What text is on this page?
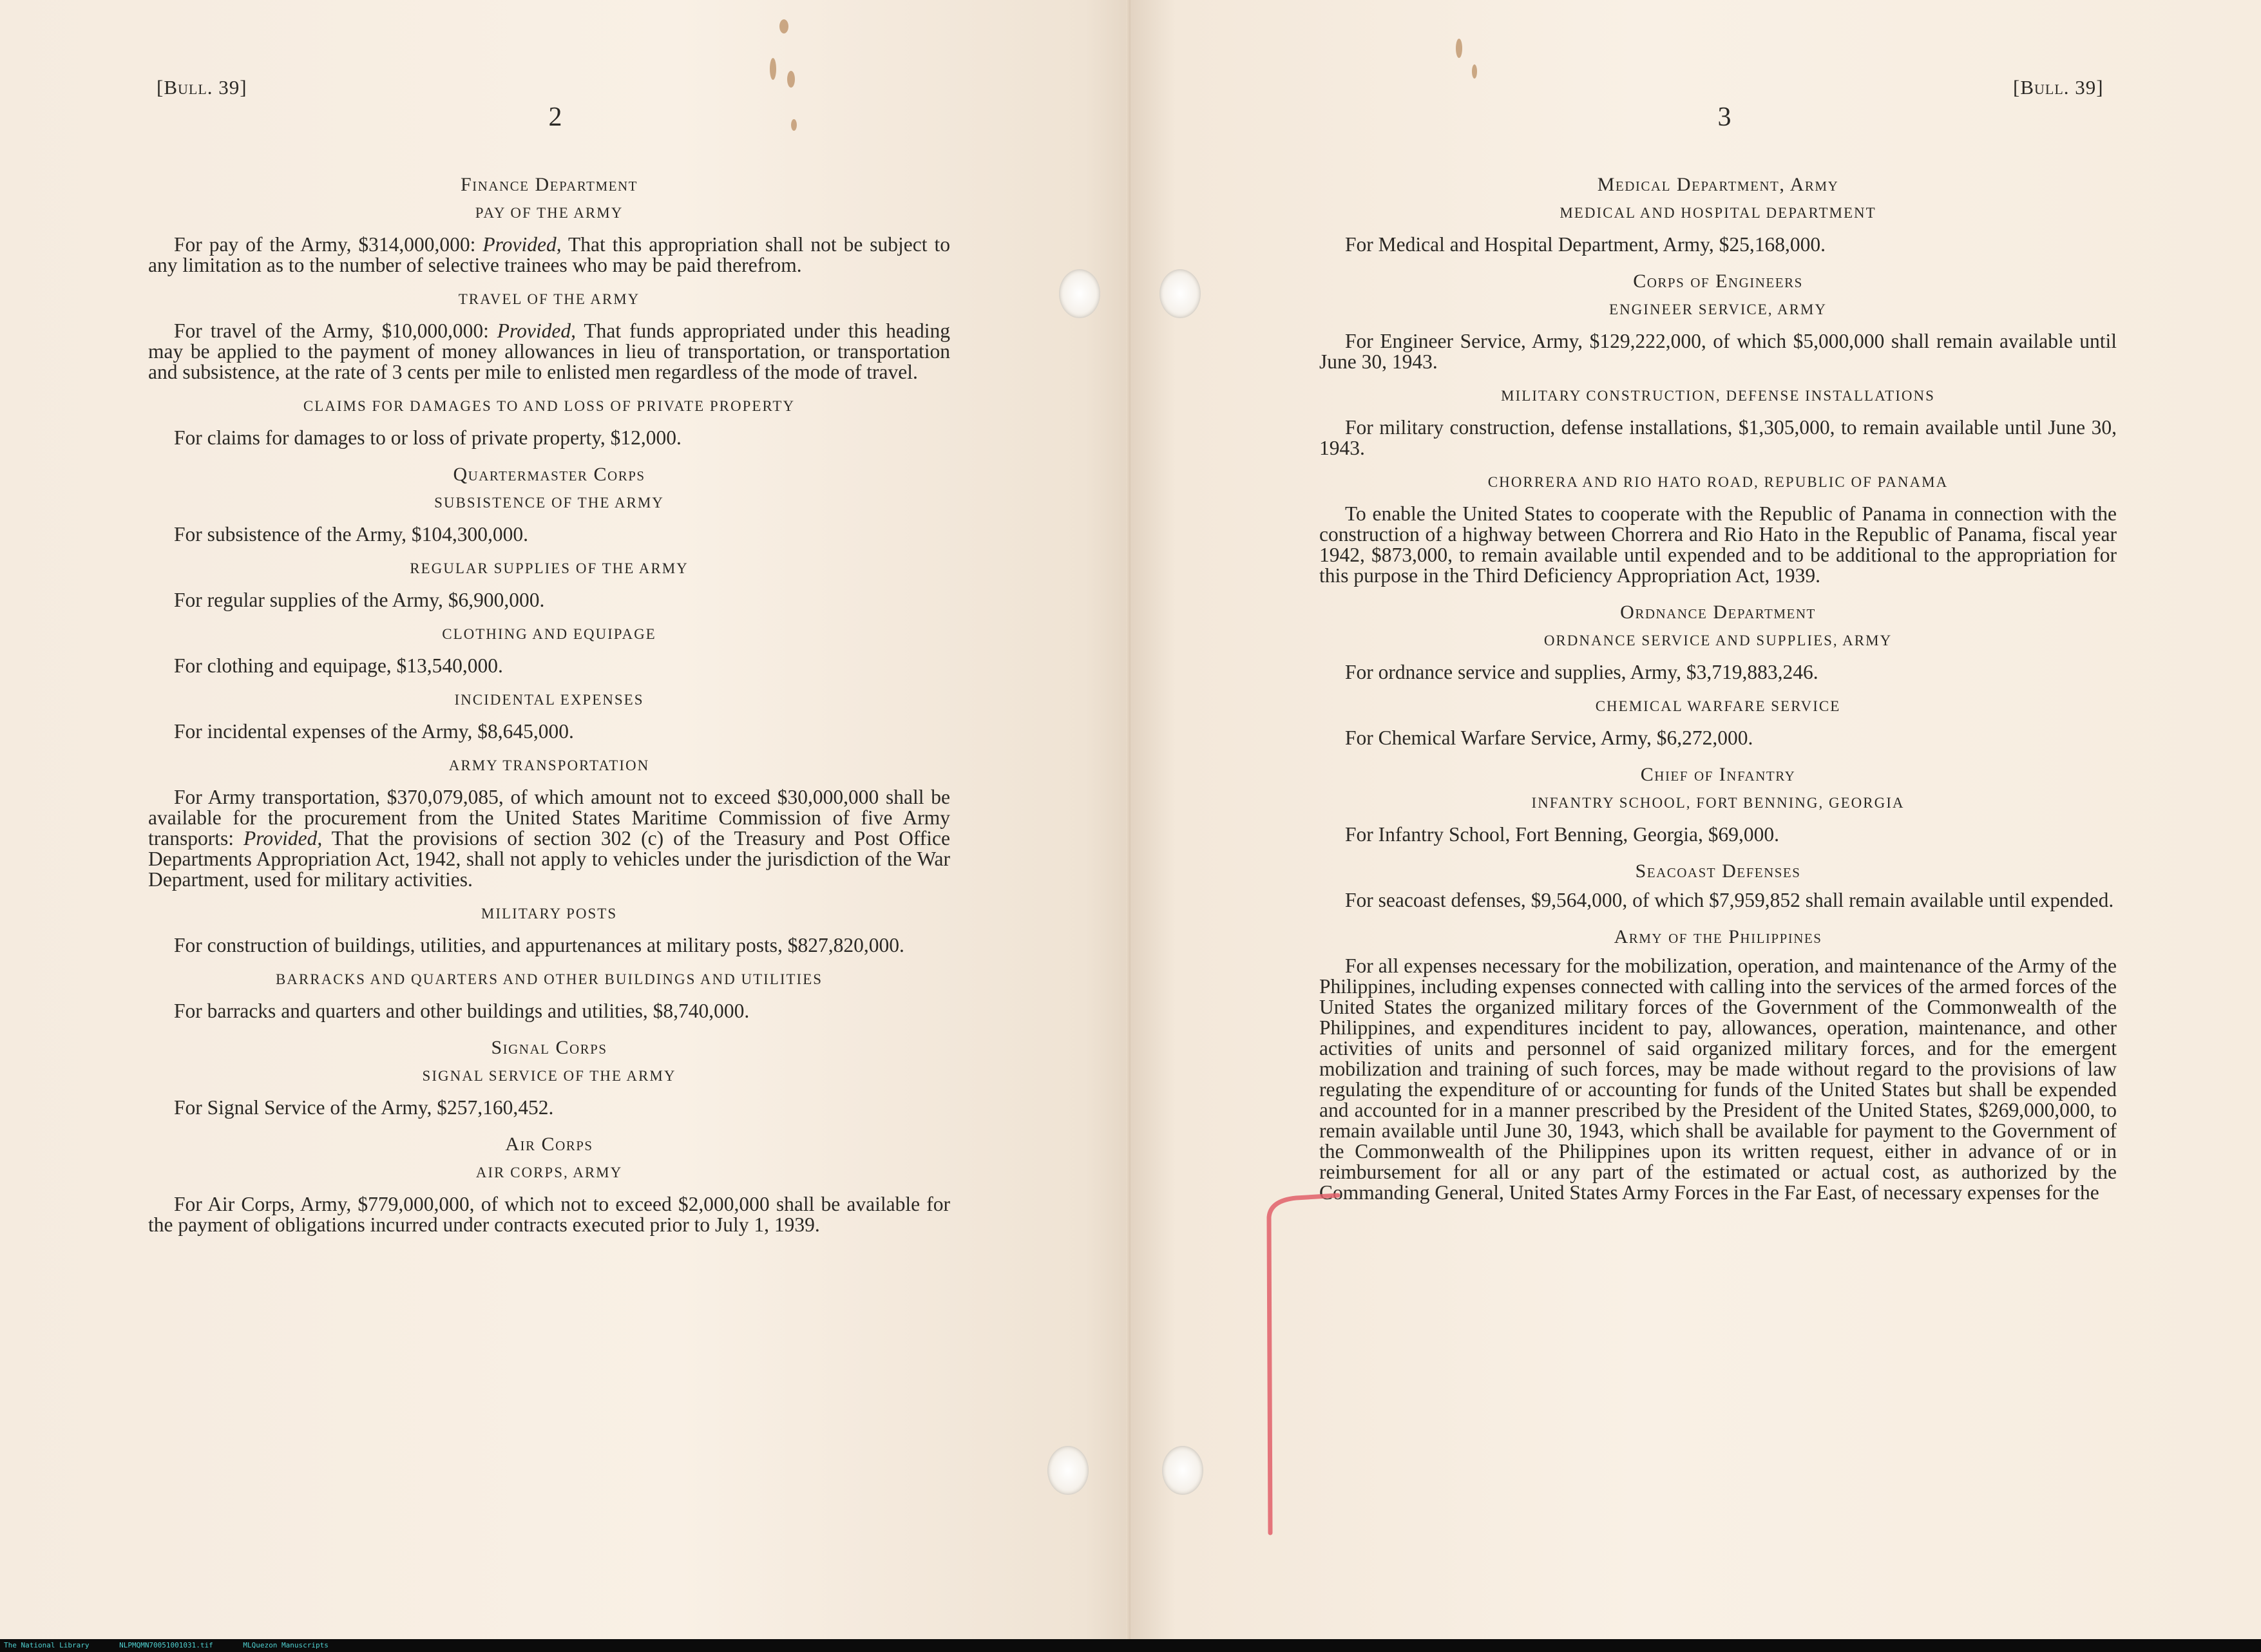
[Bull. 39]
2
Finance Department
PAY OF THE ARMY

For pay of the Army, $314,000,000: Provided, That this appropriation shall not be subject to any limitation as to the number of selective trainees who may be paid therefrom.

TRAVEL OF THE ARMY

For travel of the Army, $10,000,000: Provided, That funds appropriated under this heading may be applied to the payment of money allowances in lieu of transportation, or transportation and subsistence, at the rate of 3 cents per mile to enlisted men regardless of the mode of travel.

CLAIMS FOR DAMAGES TO AND LOSS OF PRIVATE PROPERTY

For claims for damages to or loss of private property, $12,000.

Quartermaster Corps
SUBSISTENCE OF THE ARMY

For subsistence of the Army, $104,300,000.

REGULAR SUPPLIES OF THE ARMY

For regular supplies of the Army, $6,900,000.

CLOTHING AND EQUIPAGE

For clothing and equipage, $13,540,000.

INCIDENTAL EXPENSES

For incidental expenses of the Army, $8,645,000.

ARMY TRANSPORTATION

For Army transportation, $370,079,085, of which amount not to exceed $30,000,000 shall be available for the procurement from the United States Maritime Commission of five Army transports: Provided, That the provisions of section 302 (c) of the Treasury and Post Office Departments Appropriation Act, 1942, shall not apply to vehicles under the jurisdiction of the War Department, used for military activities.

MILITARY POSTS

For construction of buildings, utilities, and appurtenances at military posts, $827,820,000.

BARRACKS AND QUARTERS AND OTHER BUILDINGS AND UTILITIES

For barracks and quarters and other buildings and utilities, $8,740,000.

Signal Corps
SIGNAL SERVICE OF THE ARMY

For Signal Service of the Army, $257,160,452.

Air Corps
AIR CORPS, ARMY

For Air Corps, Army, $779,000,000, of which not to exceed $2,000,000 shall be available for the payment of obligations incurred under contracts executed prior to July 1, 1939.

3
[Bull. 39]
Medical Department, Army
MEDICAL AND HOSPITAL DEPARTMENT

For Medical and Hospital Department, Army, $25,168,000.

Corps of Engineers
ENGINEER SERVICE, ARMY

For Engineer Service, Army, $129,222,000, of which $5,000,000 shall remain available until June 30, 1943.

MILITARY CONSTRUCTION, DEFENSE INSTALLATIONS

For military construction, defense installations, $1,305,000, to remain available until June 30, 1943.

CHORRERA AND RIO HATO ROAD, REPUBLIC OF PANAMA

To enable the United States to cooperate with the Republic of Panama in connection with the construction of a highway between Chorrera and Rio Hato in the Republic of Panama, fiscal year 1942, $873,000, to remain available until expended and to be additional to the appropriation for this purpose in the Third Deficiency Appropriation Act, 1939.

Ordnance Department
ORDNANCE SERVICE AND SUPPLIES, ARMY

For ordnance service and supplies, Army, $3,719,883,246.

CHEMICAL WARFARE SERVICE

For Chemical Warfare Service, Army, $6,272,000.

Chief of Infantry
INFANTRY SCHOOL, FORT BENNING, GEORGIA

For Infantry School, Fort Benning, Georgia, $69,000.

Seacoast Defenses

For seacoast defenses, $9,564,000, of which $7,959,852 shall remain available until expended.

Army of the Philippines

For all expenses necessary for the mobilization, operation, and maintenance of the Army of the Philippines, including expenses connected with calling into the services of the armed forces of the United States the organized military forces of the Government of the Commonwealth of the Philippines, and expenditures incident to pay, allowances, operation, maintenance, and other activities of units and personnel of said organized military forces, and for the emergent mobilization and training of such forces, may be made without regard to the provisions of law regulating the expenditure of or accounting for funds of the United States but shall be expended and accounted for in a manner prescribed by the President of the United States, $269,000,000, to remain available until June 30, 1943, which shall be available for payment to the Government of the Commonwealth of the Philippines upon its written request, either in advance of or in reimbursement for all or any part of the estimated or actual cost, as authorized by the Commanding General, United States Army Forces in the Far East, of necessary expenses for the

The National Library	NLPMQMN70051001031.tif	MLQuezon Manuscripts
